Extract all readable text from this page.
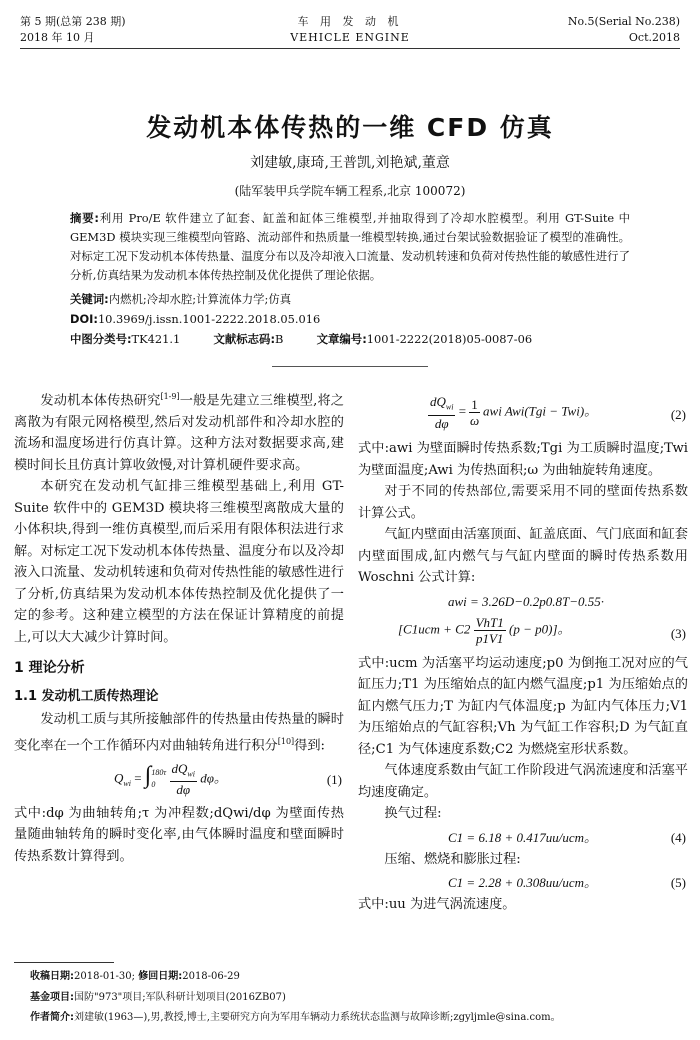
第 5 期(总第 238 期)
2018 年 10 月
车 用 发 动 机
VEHICLE ENGINE
No.5(Serial No.238)
Oct.2018
发动机本体传热的一维 CFD 仿真
刘建敏,康琦,王普凯,刘艳斌,董意
(陆军装甲兵学院车辆工程系,北京 100072)
摘要:利用 Pro/E 软件建立了缸套、缸盖和缸体三维模型,并抽取得到了冷却水腔模型。利用 GT-Suite 中 GEM3D 模块实现三维模型向管路、流动部件和热质量一维模型转换,通过台架试验数据验证了模型的准确性。对标定工况下发动机本体传热量、温度分布以及冷却液入口流量、发动机转速和负荷对传热性能的敏感性进行了分析,仿真结果为发动机本体传热控制及优化提供了理论依据。
关键词:内燃机;冷却水腔;计算流体力学;仿真
DOI:10.3969/j.issn.1001-2222.2018.05.016
中图分类号:TK421.1	文献标志码:B	文章编号:1001-2222(2018)05-0087-06

发动机本体传热研究[1-9]一般是先建立三维模型,将之离散为有限元网格模型,然后对发动机部件和冷却水腔的流场和温度场进行仿真计算。这种方法对数据要求高,建模时间长且仿真计算收敛慢,对计算机硬件要求高。

本研究在发动机气缸排三维模型基础上,利用 GT-Suite 软件中的 GEM3D 模块将三维模型离散成大量的小体积块,得到一维仿真模型,而后采用有限体积法进行求解。对标定工况下发动机本体传热量、温度分布以及冷却液入口流量、发动机转速和负荷对传热性能的敏感性进行了分析,仿真结果为发动机本体传热控制及优化提供了一定的参考。这种建立模型的方法在保证计算精度的前提上,可以大大减少计算时间。

1 理论分析
1.1 发动机工质传热理论

发动机工质与其所接触部件的传热量由传热量的瞬时变化率在一个工作循环内对曲轴转角进行积分[10]得到:

$Q_{wi}$ = ∫ 180τ
0
	$\frac{dQ_{wi}}{d\varphi}$ dφ。	(1)

式中:dφ 为曲轴转角;τ 为冲程数;dQwi/dφ 为壁面传热量随曲轴转角的瞬时变化率,由气体瞬时温度和壁面瞬时传热系数计算得到。

$\frac{dQ_{wi}}{d\varphi} = \frac{1}{\omega}$ awi Awi(Tgi − Twi)。	(2)

式中:awi 为壁面瞬时传热系数;Tgi 为工质瞬时温度;Twi 为壁面温度;Awi 为传热面积;ω 为曲轴旋转角速度。

对于不同的传热部位,需要采用不同的壁面传热系数计算公式。

气缸内壁面由活塞顶面、缸盖底面、气门底面和缸套内壁面围成,缸内燃气与气缸内壁面的瞬时传热系数用 Woschni 公式计算:

awi = 3.26D−0.2p0.8T−0.55·
$[C1ucm + C2 \frac{\text{VhT1}}{p1V1} (p - p0)]$。	(3)

式中:ucm 为活塞平均运动速度;p0 为倒拖工况对应的气缸压力;T1 为压缩始点的缸内燃气温度;p1 为压缩始点的缸内燃气压力;T 为缸内气体温度;p 为缸内气体压力;V1 为压缩始点的气缸容积;Vh 为气缸工作容积;D 为气缸直径;C1 为气体速度系数;C2 为燃烧室形状系数。

气体速度系数由气缸工作阶段进气涡流速度和活塞平均速度确定。

换气过程:

C1 = 6.18 + 0.417uu/ucm。	(4)

压缩、燃烧和膨胀过程:

C1 = 2.28 + 0.308uu/ucm。	(5)

式中:uu 为进气涡流速度。

收稿日期:2018-01-30; 修回日期:2018-06-29
基金项目:国防"973"项目;军队科研计划项目(2016ZB07)
作者简介:刘建敏(1963—),男,教授,博士,主要研究方向为军用车辆动力系统状态监测与故障诊断;zgyljmle@sina.com。
